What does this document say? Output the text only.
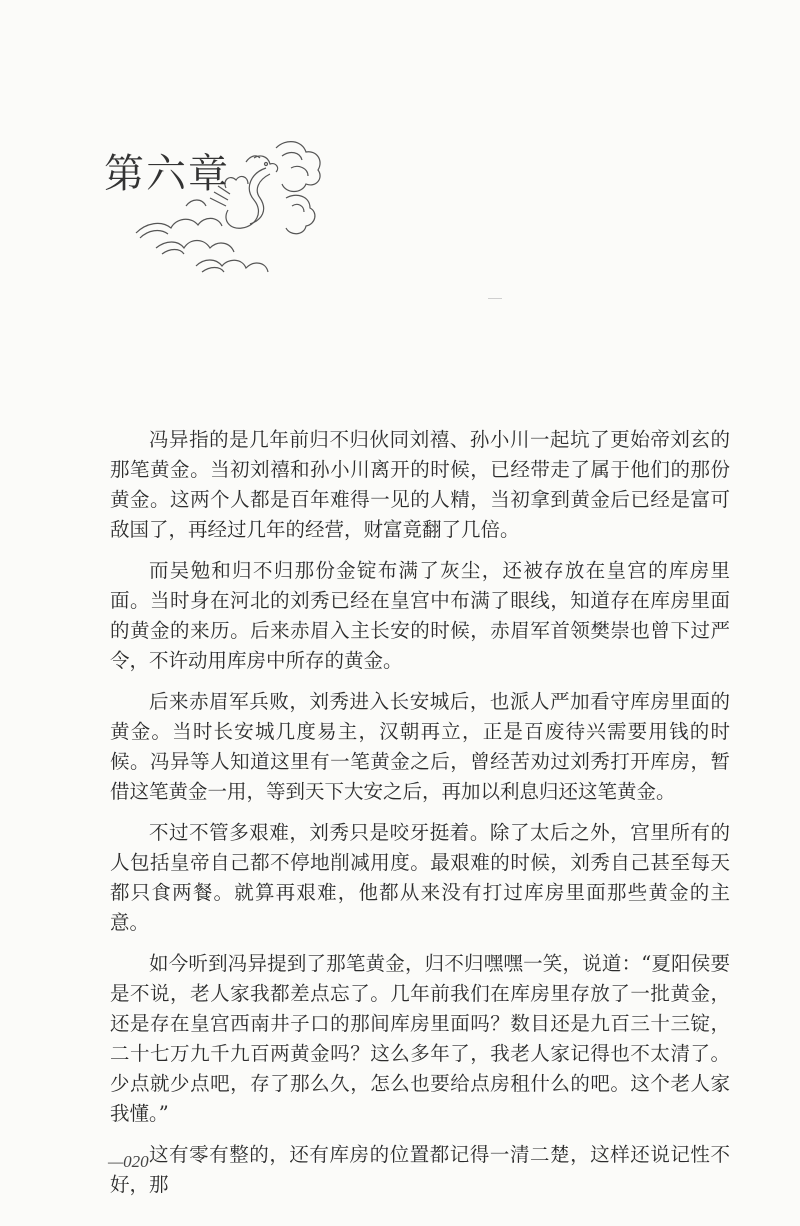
第六章

冯异指的是几年前归不归伙同刘禧、孙小川一起坑了更始帝刘玄的那笔黄金。当初刘禧和孙小川离开的时候，已经带走了属于他们的那份黄金。这两个人都是百年难得一见的人精，当初拿到黄金后已经是富可敌国了，再经过几年的经营，财富竟翻了几倍。

而吴勉和归不归那份金锭布满了灰尘，还被存放在皇宫的库房里面。当时身在河北的刘秀已经在皇宫中布满了眼线，知道存在库房里面的黄金的来历。后来赤眉入主长安的时候，赤眉军首领樊崇也曾下过严令，不许动用库房中所存的黄金。

后来赤眉军兵败，刘秀进入长安城后，也派人严加看守库房里面的黄金。当时长安城几度易主，汉朝再立，正是百废待兴需要用钱的时候。冯异等人知道这里有一笔黄金之后，曾经苦劝过刘秀打开库房，暂借这笔黄金一用，等到天下大安之后，再加以利息归还这笔黄金。

不过不管多艰难，刘秀只是咬牙挺着。除了太后之外，宫里所有的人包括皇帝自己都不停地削减用度。最艰难的时候，刘秀自己甚至每天都只食两餐。就算再艰难，他都从来没有打过库房里面那些黄金的主意。

如今听到冯异提到了那笔黄金，归不归嘿嘿一笑，说道：“夏阳侯要是不说，老人家我都差点忘了。几年前我们在库房里存放了一批黄金，还是存在皇宫西南井子口的那间库房里面吗？数目还是九百三十三锭，二十七万九千九百两黄金吗？这么多年了，我老人家记得也不太清了。少点就少点吧，存了那么久，怎么也要给点房租什么的吧。这个老人家我懂。”

这有零有整的，还有库房的位置都记得一清二楚，这样还说记性不好，那

—020
